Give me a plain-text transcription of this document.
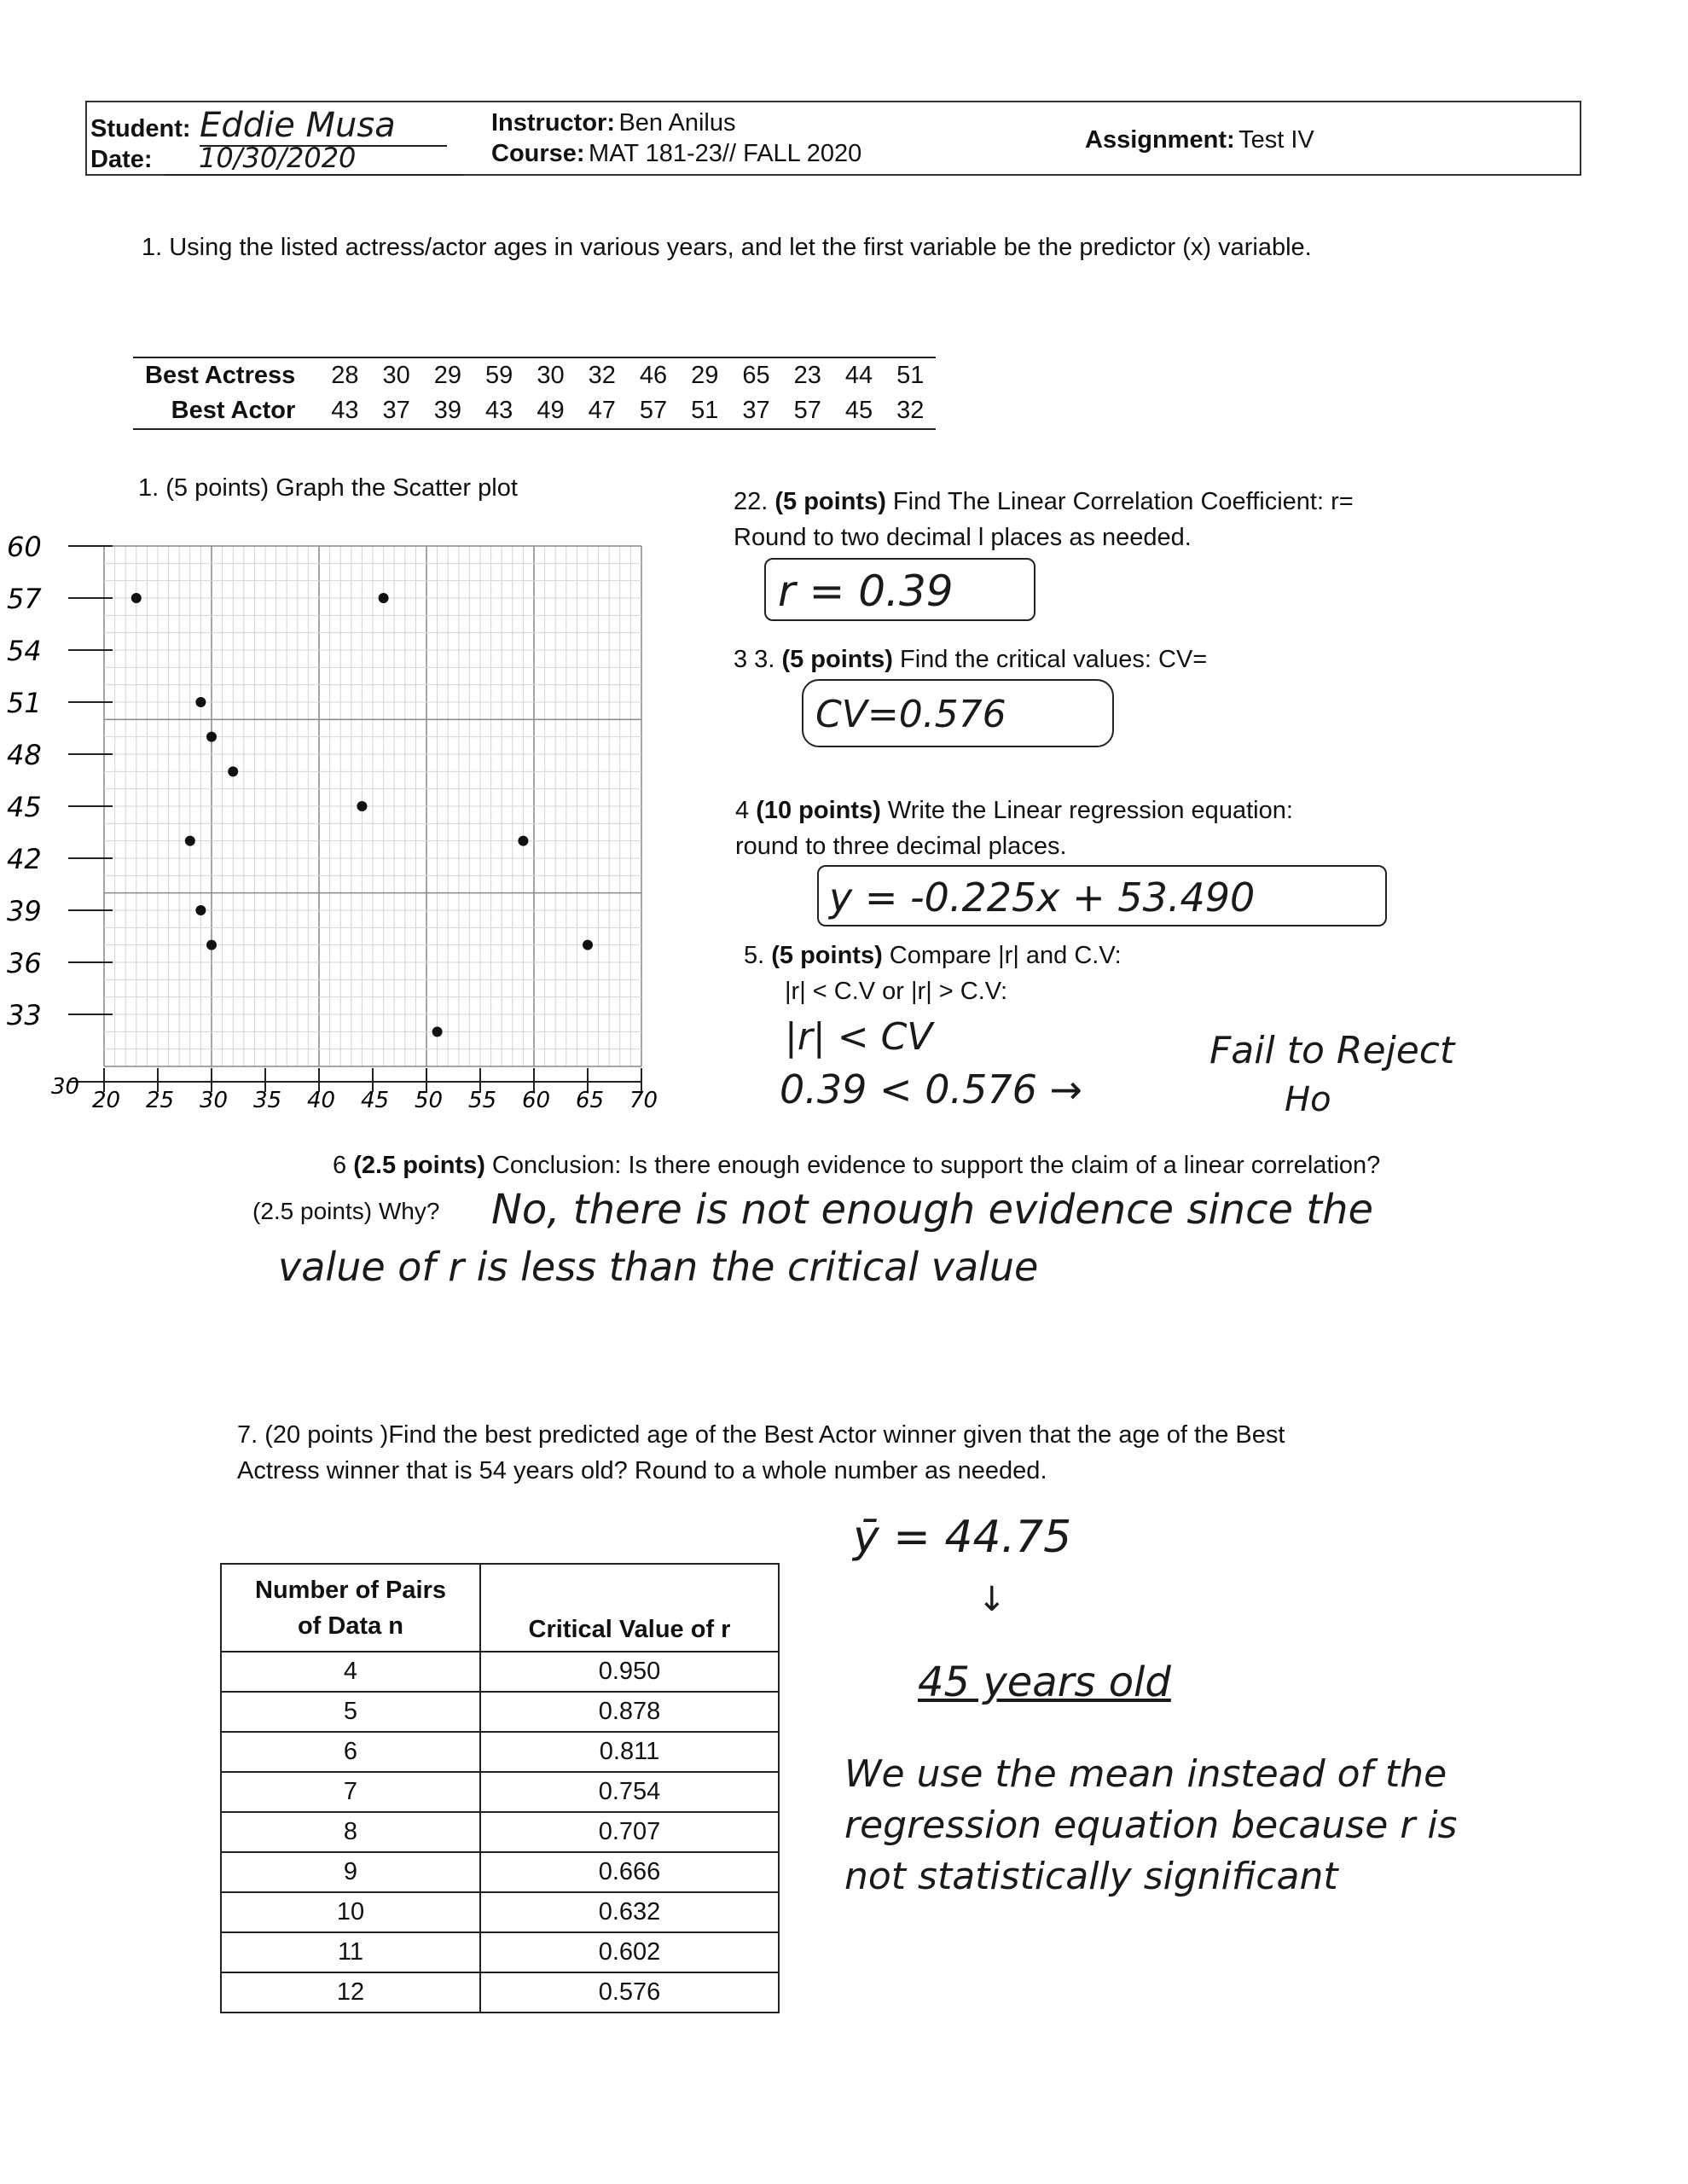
Student: Eddie Musa
Date: 10/30/2020
Instructor: Ben Anilus
Course: MAT 181-23// FALL 2020	Assignment: Test IV
1. Using the listed actress/actor ages in various years, and let the first variable be the predictor (x) variable.
Best Actress	28	30	29	59	30	32	46	29	65	23	44	51
Best Actor	43	37	39	43	49	47	57	51	37	57	45	32
1. (5 points) Graph the Scatter plot
60
57
54
51
48
45
42
39
36
33
30
20 25 30 35 40 45 50 55 60 65 70
22. (5 points) Find The Linear Correlation Coefficient: r=
Round to two decimal l places as needed.
r = 0.39
3 3. (5 points) Find the critical values: CV=
CV=0.576
4 (10 points) Write the Linear regression equation:
round to three decimal places.
y = -0.225x + 53.490
5. (5 points) Compare |r| and C.V:
|r| < C.V or |r| > C.V:
|r| < CV
0.39 < 0.576 →
Fail to Reject
Ho
6 (2.5 points) Conclusion: Is there enough evidence to support the claim of a linear correlation?
(2.5 points) Why? No, there is not enough evidence since the
value of r is less than the critical value
7. (20 points )Find the best predicted age of the Best Actor winner given that the age of the Best
Actress winner that is 54 years old? Round to a whole number as needed.
ȳ = 44.75
↓
45 years old
We use the mean instead of the
regression equation because r is
not statistically significant
Number of Pairs
of Data n	Critical Value of r
4	0.950
5	0.878
6	0.811
7	0.754
8	0.707
9	0.666
10	0.632
11	0.602
12	0.576
